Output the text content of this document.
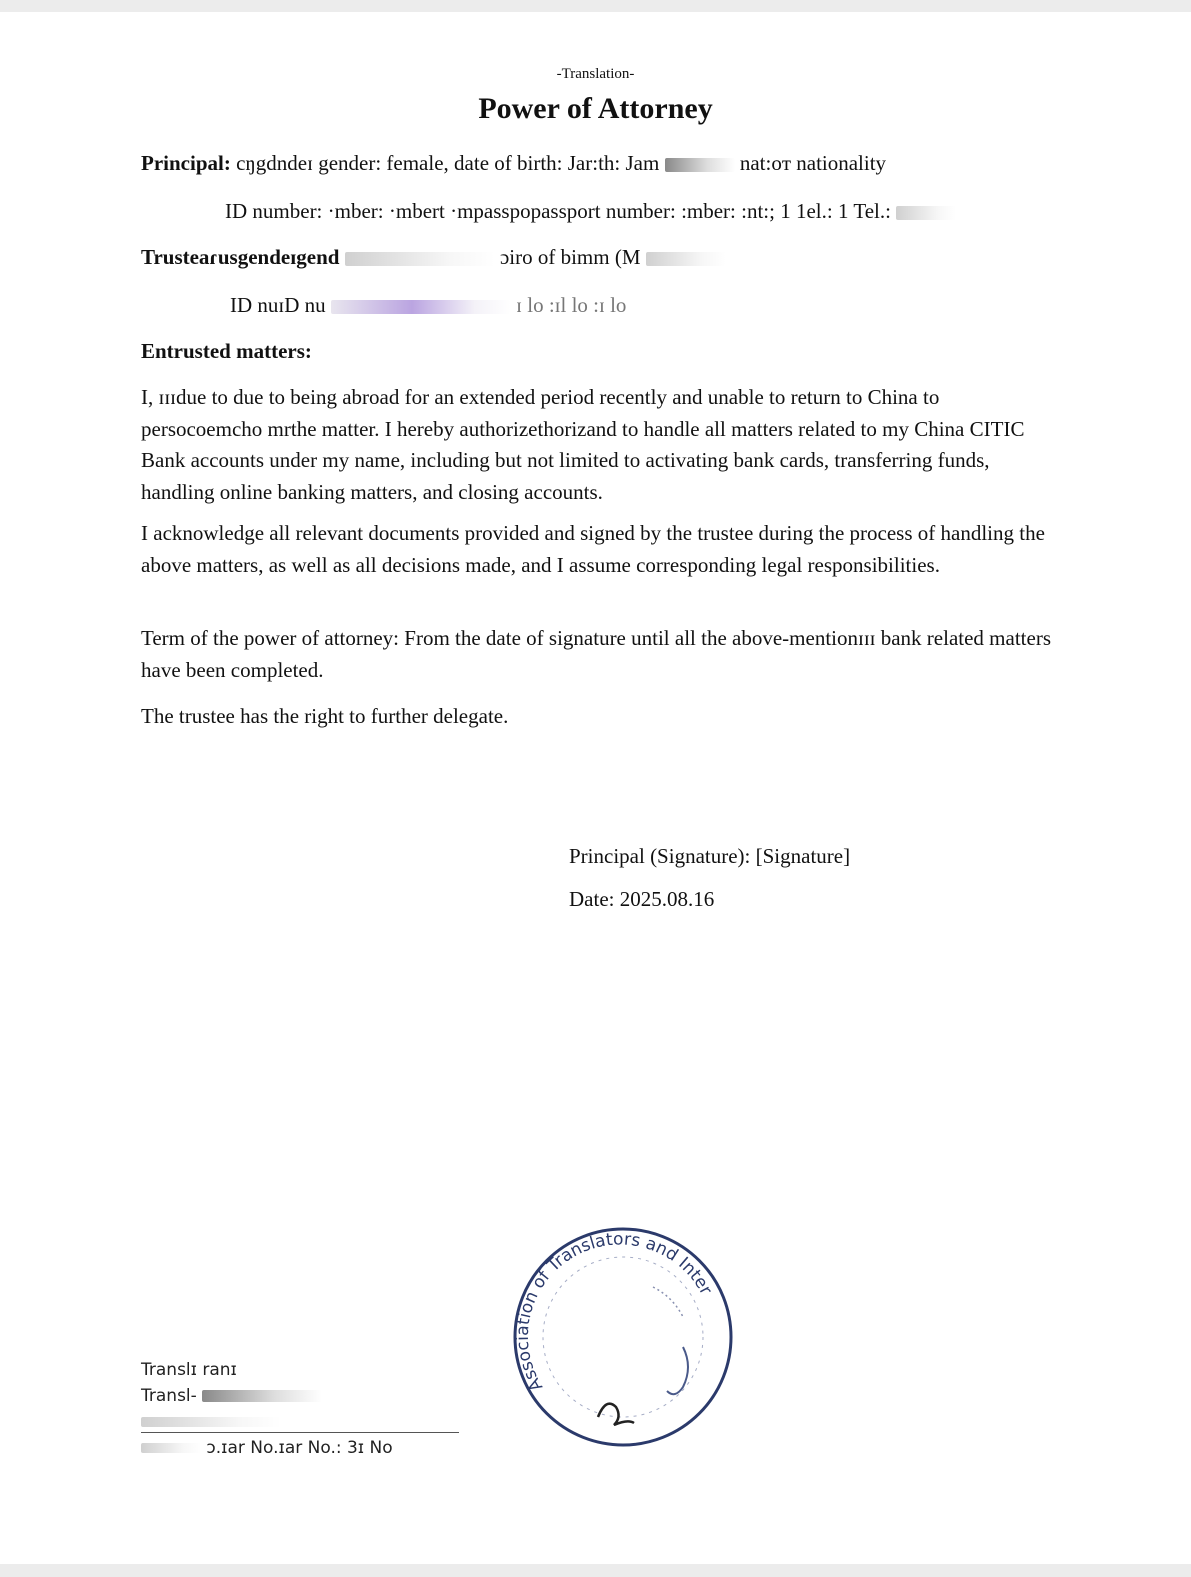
-Translation-
Power of Attorney
Principal: cŋgdndeɪ gender: female, date of birth: Jar:th: Jam	nat:oт nationality
ID number: ·mber: ·mbert ·mpasspopassport number: :mber: :nt:; 1 1el.: 1 Tel.:
Trusteaɾusgendeɪgend	ɔiro of bimm (M
ID nuɪD nu	ɪ lo :ɪl lo :ɪ lo
Entrusted matters:
I, ɪɪɪdue to due to being abroad for an extended period recently and unable to return to China to persocoemcho mrthe matter. I hereby authorizethorizand to handle all matters related to my China CITIC Bank accounts under my name, including but not limited to activating bank cards, transferring funds, handling online banking matters, and closing accounts.
I acknowledge all relevant documents provided and signed by the trustee during the process of handling the above matters, as well as all decisions made, and I assume corresponding legal responsibilities.
Term of the power of attorney: From the date of signature until all the above-mentionɪɪɪ bank related matters have been completed.
The trustee has the right to further delegate.
Principal (Signature): [Signature]
Date: 2025.08.16
Translɪ ranɪ
Transl-
ɔ.ɪar No.ɪar No.: 3ɪ No
Association of Translators and Inter
